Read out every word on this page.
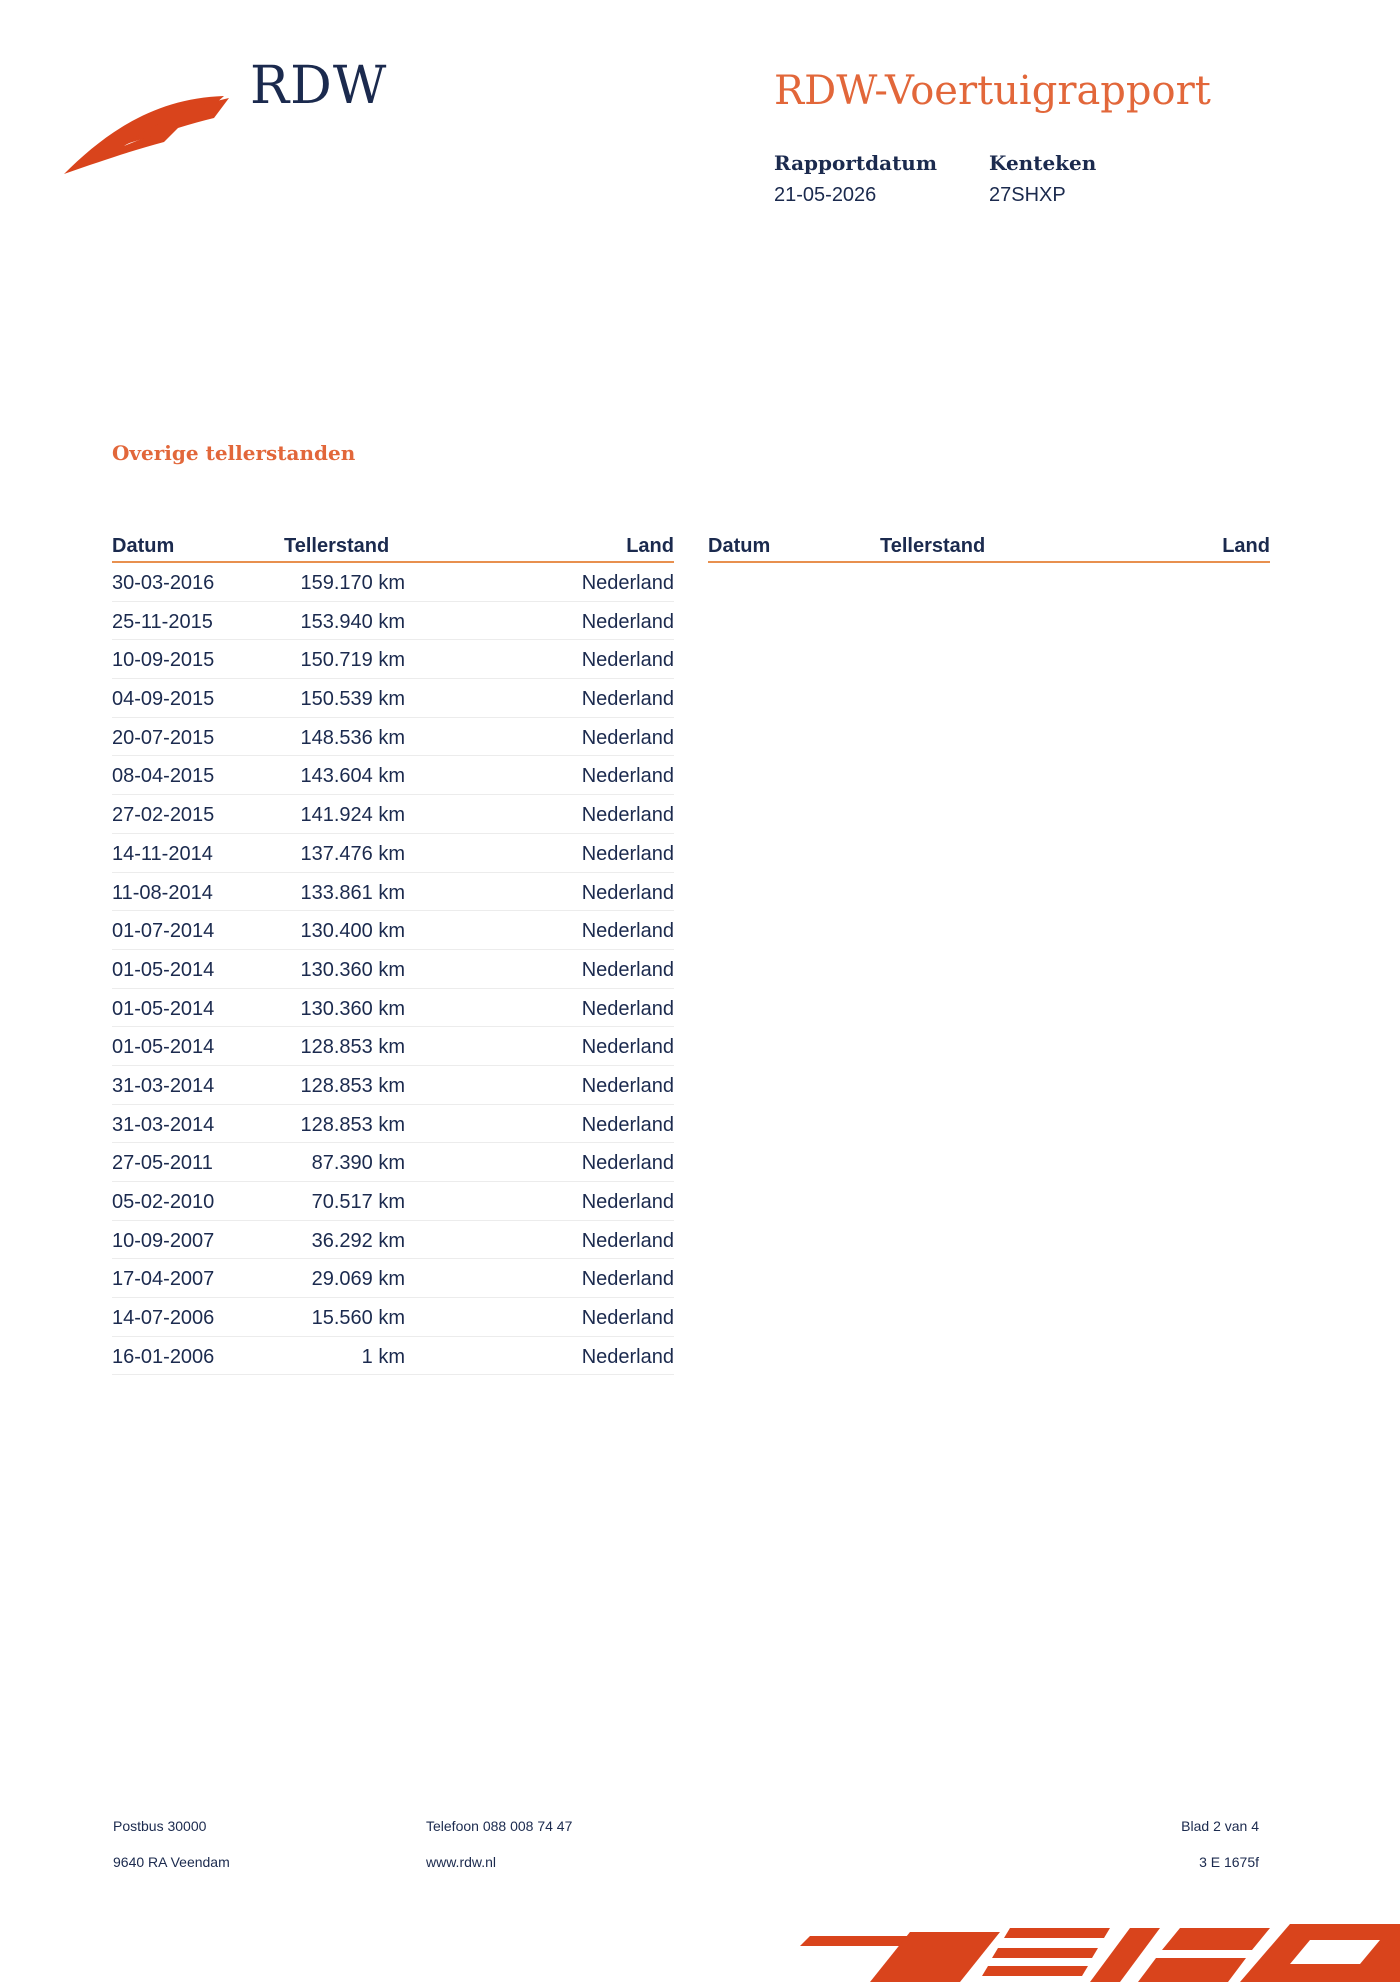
RDW	RDW-Voertuigrapport
Rapportdatum
21-05-2026
Kenteken
27SHXP
Overige tellerstanden
Datum	Tellerstand	Land
30-03-2016	159.170 km	Nederland
25-11-2015	153.940 km	Nederland
10-09-2015	150.719 km	Nederland
04-09-2015	150.539 km	Nederland
20-07-2015	148.536 km	Nederland
08-04-2015	143.604 km	Nederland
27-02-2015	141.924 km	Nederland
14-11-2014	137.476 km	Nederland
11-08-2014	133.861 km	Nederland
01-07-2014	130.400 km	Nederland
01-05-2014	130.360 km	Nederland
01-05-2014	130.360 km	Nederland
01-05-2014	128.853 km	Nederland
31-03-2014	128.853 km	Nederland
31-03-2014	128.853 km	Nederland
27-05-2011	87.390 km	Nederland
05-02-2010	70.517 km	Nederland
10-09-2007	36.292 km	Nederland
17-04-2007	29.069 km	Nederland
14-07-2006	15.560 km	Nederland
16-01-2006	1 km	Nederland
Datum	Tellerstand	Land
Postbus 30000
9640 RA Veendam
Telefoon 088 008 74 47
www.rdw.nl
Blad 2 van 4
3 E 1675f
